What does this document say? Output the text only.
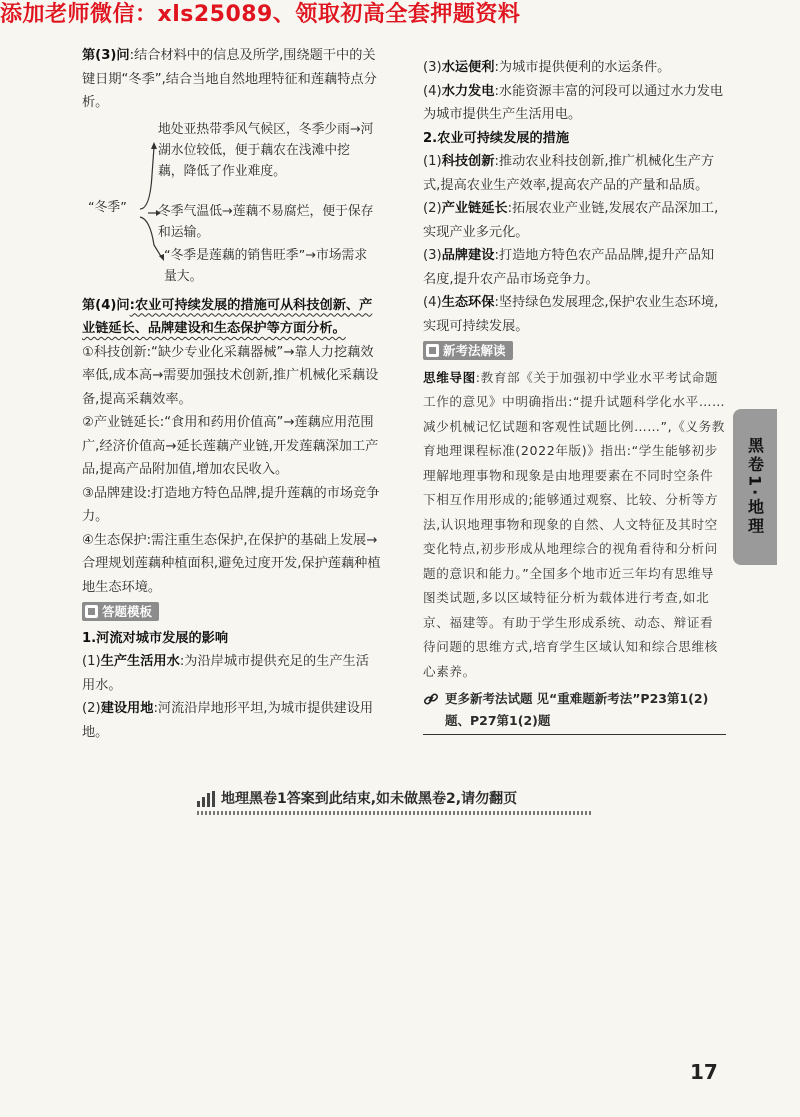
添加老师微信：xls25089、领取初高全套押题资料

第(3)问:结合材料中的信息及所学,围绕题干中的关键日期“冬季”,结合当地自然地理特征和莲藕特点分析。

“冬季”
地处亚热带季风气候区，冬季少雨→河湖水位较低，便于藕农在浅滩中挖藕，降低了作业难度。
冬季气温低→莲藕不易腐烂，便于保存和运输。
“冬季是莲藕的销售旺季”→市场需求量大。

第(4)问:农业可持续发展的措施可从科技创新、产业链延长、品牌建设和生态保护等方面分析。

①科技创新:“缺少专业化采藕器械”→靠人力挖藕效率低,成本高→需要加强技术创新,推广机械化采藕设备,提高采藕效率。

②产业链延长:“食用和药用价值高”→莲藕应用范围广,经济价值高→延长莲藕产业链,开发莲藕深加工产品,提高产品附加值,增加农民收入。

③品牌建设:打造地方特色品牌,提升莲藕的市场竞争力。

④生态保护:需注重生态保护,在保护的基础上发展→合理规划莲藕种植面积,避免过度开发,保护莲藕种植地生态环境。

答题模板

1.河流对城市发展的影响

(1)生产生活用水:为沿岸城市提供充足的生产生活用水。

(2)建设用地:河流沿岸地形平坦,为城市提供建设用地。

(3)水运便利:为城市提供便利的水运条件。

(4)水力发电:水能资源丰富的河段可以通过水力发电为城市提供生产生活用电。

2.农业可持续发展的措施

(1)科技创新:推动农业科技创新,推广机械化生产方式,提高农业生产效率,提高农产品的产量和品质。

(2)产业链延长:拓展农业产业链,发展农产品深加工,实现产业多元化。

(3)品牌建设:打造地方特色农产品品牌,提升产品知名度,提升农产品市场竞争力。

(4)生态环保:坚持绿色发展理念,保护农业生态环境,实现可持续发展。

新考法解读

思维导图:教育部《关于加强初中学业水平考试命题工作的意见》中明确指出:“提升试题科学化水平……减少机械记忆试题和客观性试题比例……”,《义务教育地理课程标准(2022年版)》指出:“学生能够初步理解地理事物和现象是由地理要素在不同时空条件下相互作用形成的;能够通过观察、比较、分析等方法,认识地理事物和现象的自然、人文特征及其时空变化特点,初步形成从地理综合的视角看待和分析问题的意识和能力。”全国多个地市近三年均有思维导图类试题,多以区域特征分析为载体进行考查,如北京、福建等。有助于学生形成系统、动态、辩证看待问题的思维方式,培育学生区域认知和综合思维核心素养。

更多新考法试题 见“重难题新考法”P23第1(2)题、P27第1(2)题
黑卷1·地理
地理黑卷1答案到此结束,如未做黑卷2,请勿翻页
17
